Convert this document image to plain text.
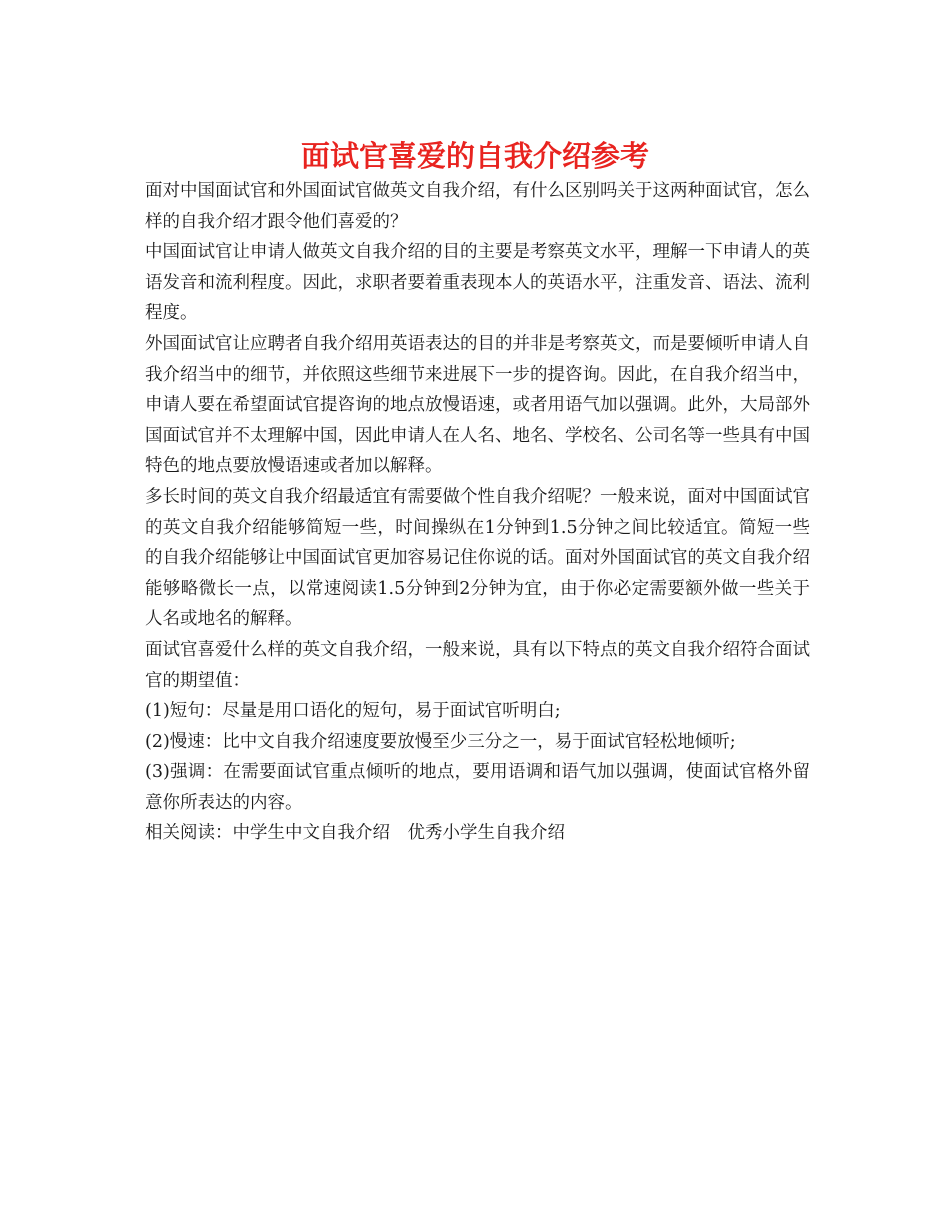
面试官喜爱的自我介绍参考

面对中国面试官和外国面试官做英文自我介绍，有什么区别吗关于这两种面试官，怎么样的自我介绍才跟令他们喜爱的？

中国面试官让申请人做英文自我介绍的目的主要是考察英文水平，理解一下申请人的英语发音和流利程度。因此，求职者要着重表现本人的英语水平，注重发音、语法、流利程度。

外国面试官让应聘者自我介绍用英语表达的目的并非是考察英文，而是要倾听申请人自我介绍当中的细节，并依照这些细节来进展下一步的提咨询。因此，在自我介绍当中，申请人要在希望面试官提咨询的地点放慢语速，或者用语气加以强调。此外，大局部外国面试官并不太理解中国，因此申请人在人名、地名、学校名、公司名等一些具有中国特色的地点要放慢语速或者加以解释。

多长时间的英文自我介绍最适宜有需要做个性自我介绍呢？一般来说，面对中国面试官的英文自我介绍能够简短一些，时间操纵在1分钟到1.5分钟之间比较适宜。简短一些的自我介绍能够让中国面试官更加容易记住你说的话。面对外国面试官的英文自我介绍能够略微长一点，以常速阅读1.5分钟到2分钟为宜，由于你必定需要额外做一些关于人名或地名的解释。

面试官喜爱什么样的英文自我介绍，一般来说，具有以下特点的英文自我介绍符合面试官的期望值：

(1)短句：尽量是用口语化的短句，易于面试官听明白;

(2)慢速：比中文自我介绍速度要放慢至少三分之一，易于面试官轻松地倾听;

(3)强调：在需要面试官重点倾听的地点，要用语调和语气加以强调，使面试官格外留意你所表达的内容。

相关阅读：中学生中文自我介绍　优秀小学生自我介绍
